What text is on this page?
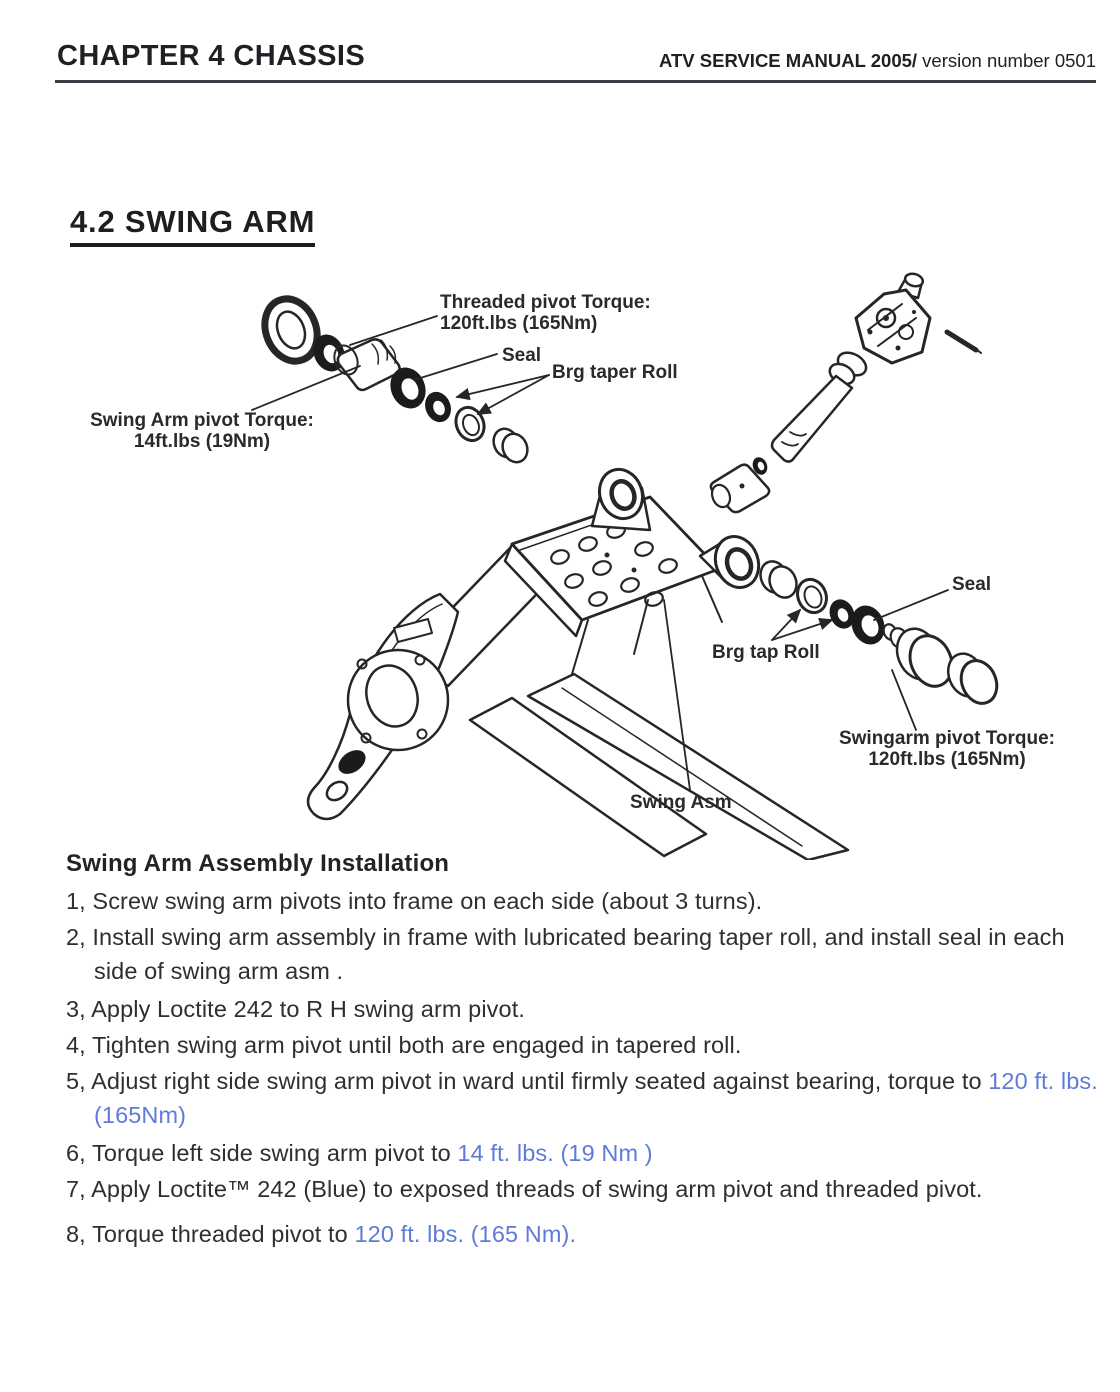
CHAPTER 4 CHASSIS	ATV SERVICE MANUAL 2005/ version number 0501
4.2 SWING ARM
Threaded pivot Torque:
120ft.lbs (165Nm)
Seal
Brg taper Roll
Swing Arm pivot Torque:
14ft.lbs (19Nm)
Seal
Brg tap Roll
Swingarm pivot Torque:
120ft.lbs (165Nm)
Swing Asm
Swing Arm Assembly Installation
1, Screw swing arm pivots into frame on each side (about 3 turns).
2, Install swing arm assembly in frame with lubricated bearing taper roll, and install seal in each side of swing arm asm .
3, Apply Loctite 242 to R H swing arm pivot.
4, Tighten swing arm pivot until both are engaged in tapered roll.
5, Adjust right side swing arm pivot in ward until firmly seated against bearing, torque to 120 ft. lbs. (165Nm)
6, Torque left side swing arm pivot to 14 ft. lbs. (19 Nm )
7, Apply Loctite™ 242 (Blue) to exposed threads of swing arm pivot and threaded pivot.
8, Torque threaded pivot to 120 ft. lbs. (165 Nm).
